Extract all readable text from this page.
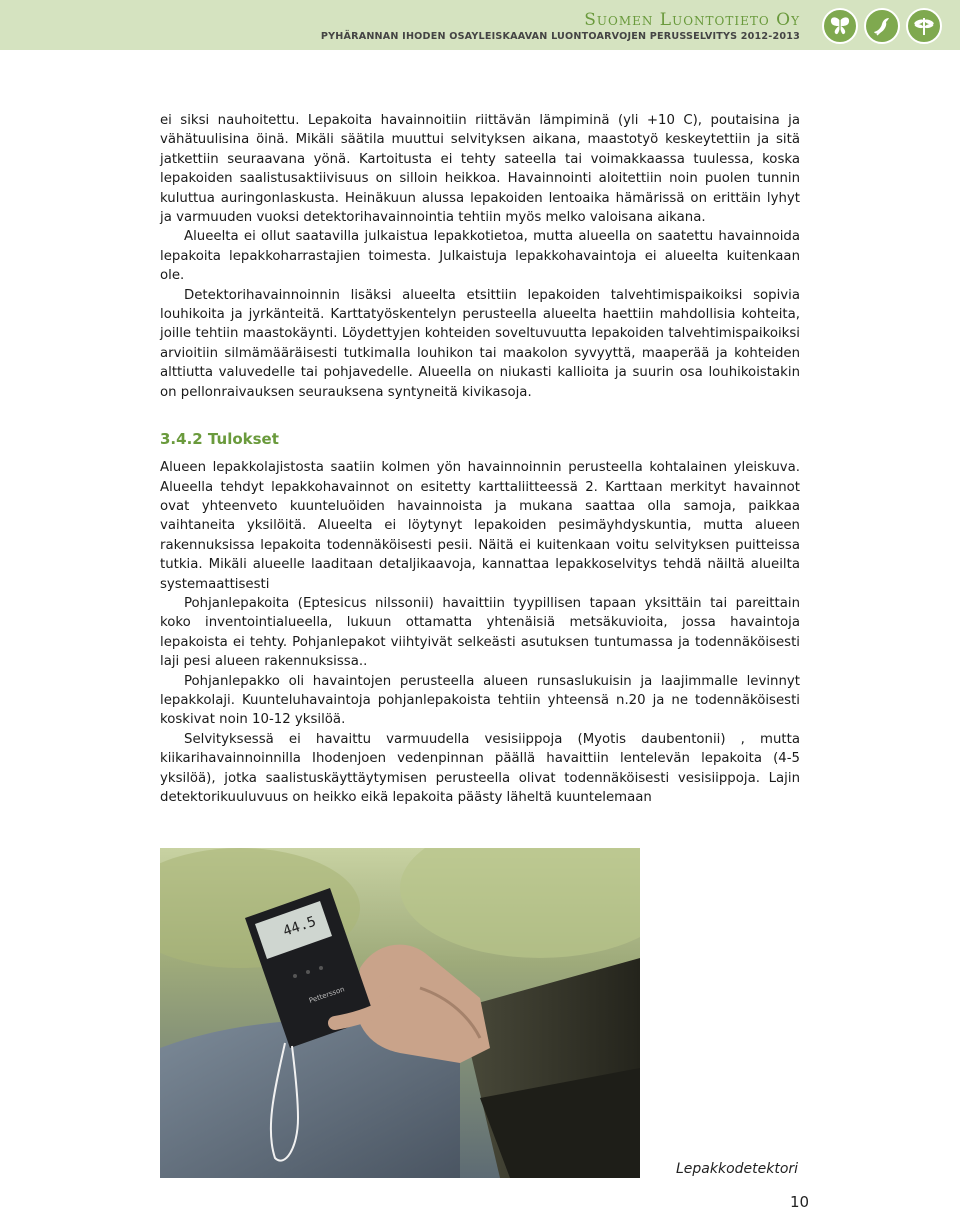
Suomen Luontotieto Oy
PYHÄRANNAN IHODEN OSAYLEISKAAVAN LUONTOARVOJEN PERUSSELVITYS 2012-2013

ei siksi nauhoitettu. Lepakoita havainnoitiin riittävän lämpiminä (yli +10 C), poutaisina ja vähätuulisina öinä. Mikäli säätila muuttui selvityksen aikana, maastotyö keskeytettiin ja sitä jatkettiin seuraavana yönä. Kartoitusta ei tehty sateella tai voimakkaassa tuulessa, koska lepakoiden saalistusaktiivisuus on silloin heikkoa. Havainnointi aloitettiin noin puolen tunnin kuluttua auringonlaskusta. Heinäkuun alussa lepakoiden lentoaika hämärissä on erittäin lyhyt ja varmuuden vuoksi detektorihavainnointia tehtiin myös melko valoisana aikana.

Alueelta ei ollut saatavilla julkaistua lepakkotietoa, mutta alueella on saatettu havainnoida lepakoita lepakkoharrastajien toimesta. Julkaistuja lepakkohavaintoja ei alueelta kuitenkaan ole.

Detektorihavainnoinnin lisäksi alueelta etsittiin lepakoiden talvehtimispaikoiksi sopivia louhikoita ja jyrkänteitä. Karttatyöskentelyn perusteella alueelta haettiin mahdollisia kohteita, joille tehtiin maastokäynti. Löydettyjen kohteiden soveltuvuutta lepakoiden talvehtimispaikoiksi arvioitiin silmämääräisesti tutkimalla louhikon tai maakolon syvyyttä, maaperää ja kohteiden alttiutta valuvedelle tai pohjavedelle. Alueella on niukasti kallioita ja suurin osa louhikoistakin on pellonraivauksen seurauksena syntyneitä kivikasoja.

3.4.2 Tulokset

Alueen lepakkolajistosta saatiin kolmen yön havainnoinnin perusteella kohtalainen yleiskuva. Alueella tehdyt lepakkohavainnot on esitetty karttaliitteessä 2. Karttaan merkityt havainnot ovat yhteenveto kuunteluöiden havainnoista ja mukana saattaa olla samoja, paikkaa vaihtaneita yksilöitä. Alueelta ei löytynyt lepakoiden pesimäyhdyskuntia, mutta alueen rakennuksissa lepakoita todennäköisesti pesii. Näitä ei kuitenkaan voitu selvityksen puitteissa tutkia. Mikäli alueelle laaditaan detaljikaavoja, kannattaa lepakkoselvitys tehdä näiltä alueilta systemaattisesti

Pohjanlepakoita (Eptesicus nilssonii) havaittiin tyypillisen tapaan yksittäin tai pareittain koko inventointialueella, lukuun ottamatta yhtenäisiä metsäkuvioita, jossa havaintoja lepakoista ei tehty. Pohjanlepakot viihtyivät selkeästi asutuksen tuntumassa ja todennäköisesti laji pesi alueen rakennuksissa..

Pohjanlepakko oli havaintojen perusteella alueen runsaslukuisin ja laajimmalle levinnyt lepakkolaji. Kuunteluhavaintoja pohjanlepakoista tehtiin yhteensä n.20 ja ne todennäköisesti koskivat noin 10-12 yksilöä.

Selvityksessä ei havaittu varmuudella vesisiippoja (Myotis daubentonii) , mutta kiikarihavainnoinnilla Ihodenjoen vedenpinnan päällä havaittiin lentelevän lepakoita (4-5 yksilöä), jotka saalistuskäyttäytymisen perusteella olivat todennäköisesti vesisiippoja. Lajin detektorikuuluvuus on heikko eikä lepakoita päästy läheltä kuuntelemaan

44.5
Pettersson
Lepakkodetektori
10
